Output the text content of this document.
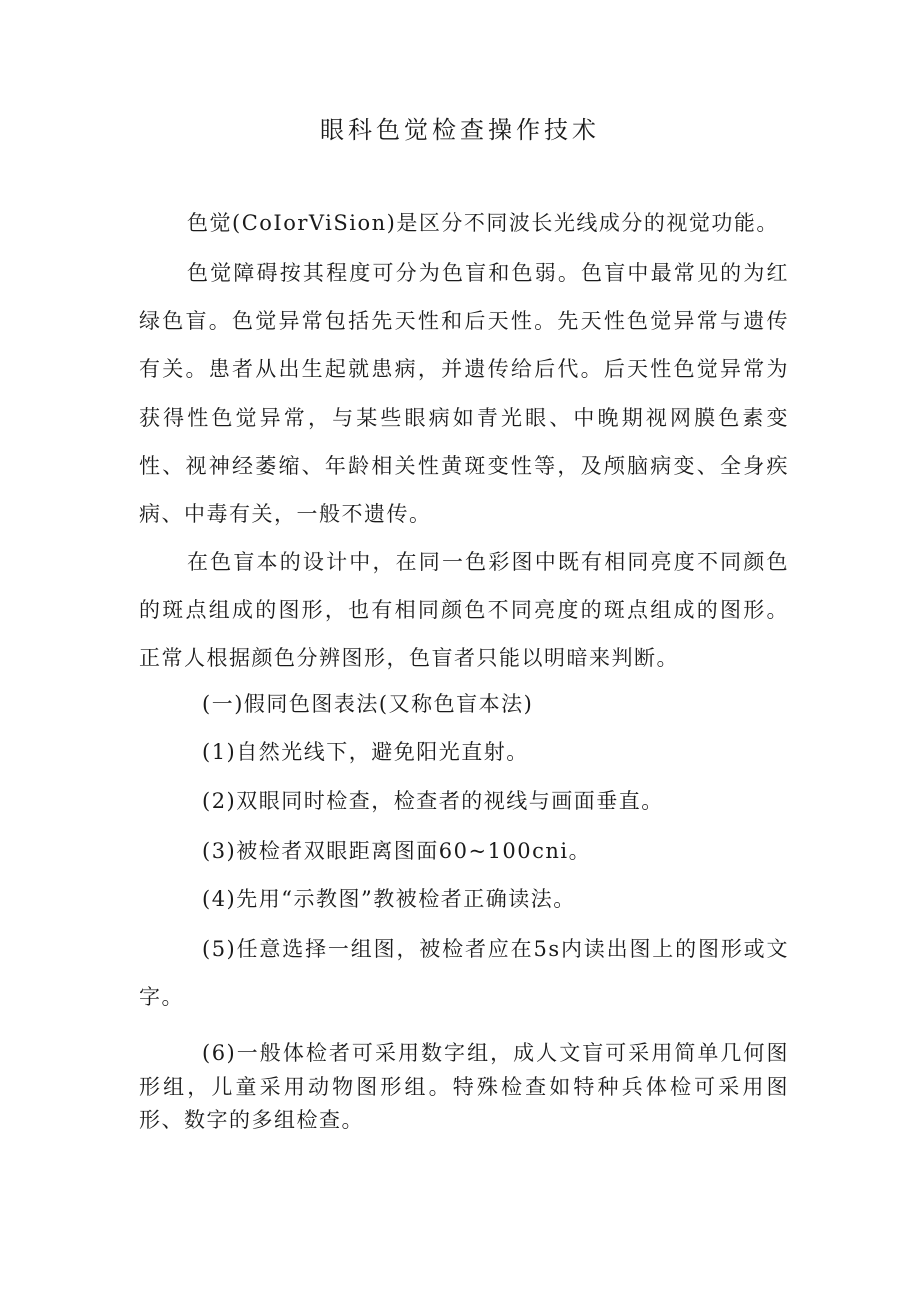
眼科色觉检查操作技术

色觉(CoIorViSion)是区分不同波长光线成分的视觉功能。

色觉障碍按其程度可分为色盲和色弱。色盲中最常见的为红绿色盲。色觉异常包括先天性和后天性。先天性色觉异常与遗传有关。患者从出生起就患病，并遗传给后代。后天性色觉异常为获得性色觉异常，与某些眼病如青光眼、中晚期视网膜色素变性、视神经萎缩、年龄相关性黄斑变性等，及颅脑病变、全身疾病、中毒有关，一般不遗传。

在色盲本的设计中，在同一色彩图中既有相同亮度不同颜色的斑点组成的图形，也有相同颜色不同亮度的斑点组成的图形。正常人根据颜色分辨图形，色盲者只能以明暗来判断。

(一)假同色图表法(又称色盲本法)

(1)自然光线下，避免阳光直射。

(2)双眼同时检查，检查者的视线与画面垂直。

(3)被检者双眼距离图面60~100cni。

(4)先用“示教图”教被检者正确读法。

(5)任意选择一组图，被检者应在5s内读出图上的图形或文字。

(6)一般体检者可采用数字组，成人文盲可采用简单几何图形组，儿童采用动物图形组。特殊检查如特种兵体检可采用图形、数字的多组检查。
